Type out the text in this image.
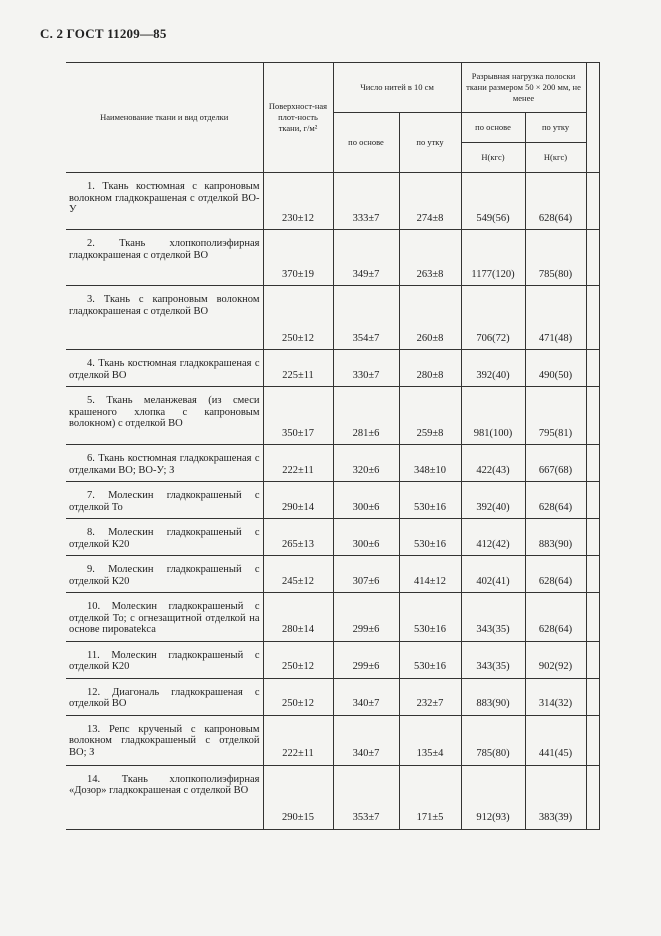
С. 2 ГОСТ 11209—85
Наименование ткани и вид отделки	Поверхност-ная плот-ность ткани, г/м²	Число нитей в 10 см		Разрывная нагрузка полоски ткани размером 50 × 200 мм, не менее		
		по основе	по утку	по основе	по утку	
				Н(кгс)	Н(кгс)	

1. Ткань костюмная с капроновым волокном гладкокрашеная с отделкой ВО-У	230±12	333±7	274±8	549(56)	628(64)	

2. Ткань хлопкополиэфирная гладкокрашеная с отделкой ВО	370±19	349±7	263±8	1177(120)	785(80)	

3. Ткань с капроновым волокном гладкокрашеная с отделкой ВО	250±12	354±7	260±8	706(72)	471(48)	

4. Ткань костюмная гладкокрашеная с отделкой ВО	225±11	330±7	280±8	392(40)	490(50)	

5. Ткань меланжевая (из смеси крашеного хлопка с капроновым волокном) с отделкой ВО	350±17	281±6	259±8	981(100)	795(81)	

6. Ткань костюмная гладкокрашеная с отделками ВО; ВО-У; З	222±11	320±6	348±10	422(43)	667(68)	

7. Молескин гладкокрашеный с отделкой То	290±14	300±6	530±16	392(40)	628(64)	

8. Молескин гладкокрашеный с отделкой К20	265±13	300±6	530±16	412(42)	883(90)	

9. Молескин гладкокрашеный с отделкой К20	245±12	307±6	414±12	402(41)	628(64)	

10. Молескин гладкокрашеный с отделкой То; с огнезащитной отделкой на основе пировatekса	280±14	299±6	530±16	343(35)	628(64)	

11. Молескин гладкокрашеный с отделкой К20	250±12	299±6	530±16	343(35)	902(92)	

12. Диагональ гладкокрашеная с отделкой ВО	250±12	340±7	232±7	883(90)	314(32)	

13. Репс крученый с капроновым волокном гладкокрашеный с отделкой ВО; З	222±11	340±7	135±4	785(80)	441(45)	

14. Ткань хлопкополиэфирная «Дозор» гладкокрашеная с отделкой ВО	290±15	353±7	171±5	912(93)	383(39)	
